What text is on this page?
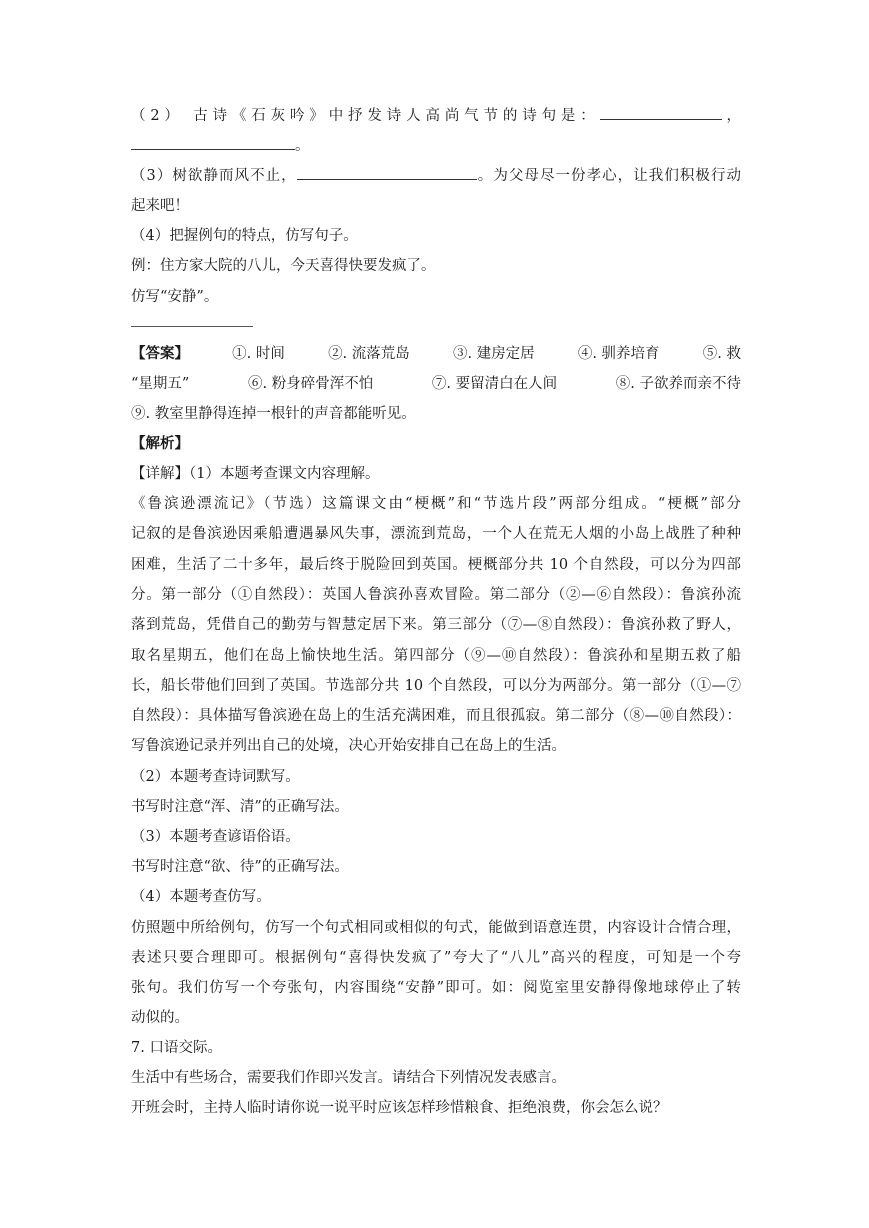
（2） 古诗《石灰吟》中抒发诗人高尚气节的诗句是：	，
。
（3）树欲静而风不止，	。为父母尽一份孝心，让我们积极行动
起来吧！
（4）把握例句的特点，仿写句子。
例：住方家大院的八儿，今天喜得快要发疯了。
仿写“安静”。
【答案】	①. 时间	②. 流落荒岛	③. 建房定居	④. 驯养培育	⑤. 救
“星期五”	⑥. 粉身碎骨浑不怕	⑦. 要留清白在人间	⑧. 子欲养而亲不待
⑨. 教室里静得连掉一根针的声音都能听见。
【解析】
【详解】（1）本题考查课文内容理解。
《鲁滨逊漂流记》（节选）这篇课文由“梗概”和“节选片段”两部分组成。“梗概”部分
记叙的是鲁滨逊因乘船遭遇暴风失事，漂流到荒岛，一个人在荒无人烟的小岛上战胜了种种
困难，生活了二十多年，最后终于脱险回到英国。梗概部分共 10 个自然段，可以分为四部
分。第一部分（①自然段）：英国人鲁滨孙喜欢冒险。第二部分（②—⑥自然段）：鲁滨孙流
落到荒岛，凭借自己的勤劳与智慧定居下来。第三部分（⑦—⑧自然段）：鲁滨孙救了野人，
取名星期五，他们在岛上愉快地生活。第四部分（⑨—⑩自然段）：鲁滨孙和星期五救了船
长，船长带他们回到了英国。节选部分共 10 个自然段，可以分为两部分。第一部分（①—⑦
自然段）：具体描写鲁滨逊在岛上的生活充满困难，而且很孤寂。第二部分（⑧—⑩自然段）：
写鲁滨逊记录并列出自己的处境，决心开始安排自己在岛上的生活。
（2）本题考查诗词默写。
书写时注意“浑、清”的正确写法。
（3）本题考查谚语俗语。
书写时注意“欲、待”的正确写法。
（4）本题考查仿写。
仿照题中所给例句，仿写一个句式相同或相似的句式，能做到语意连贯，内容设计合情合理，
表述只要合理即可。根据例句“喜得快发疯了”夸大了“八儿”高兴的程度，可知是一个夸
张句。我们仿写一个夸张句，内容围绕“安静”即可。如：阅览室里安静得像地球停止了转
动似的。
7. 口语交际。
生活中有些场合，需要我们作即兴发言。请结合下列情况发表感言。
开班会时，主持人临时请你说一说平时应该怎样珍惜粮食、拒绝浪费，你会怎么说？
